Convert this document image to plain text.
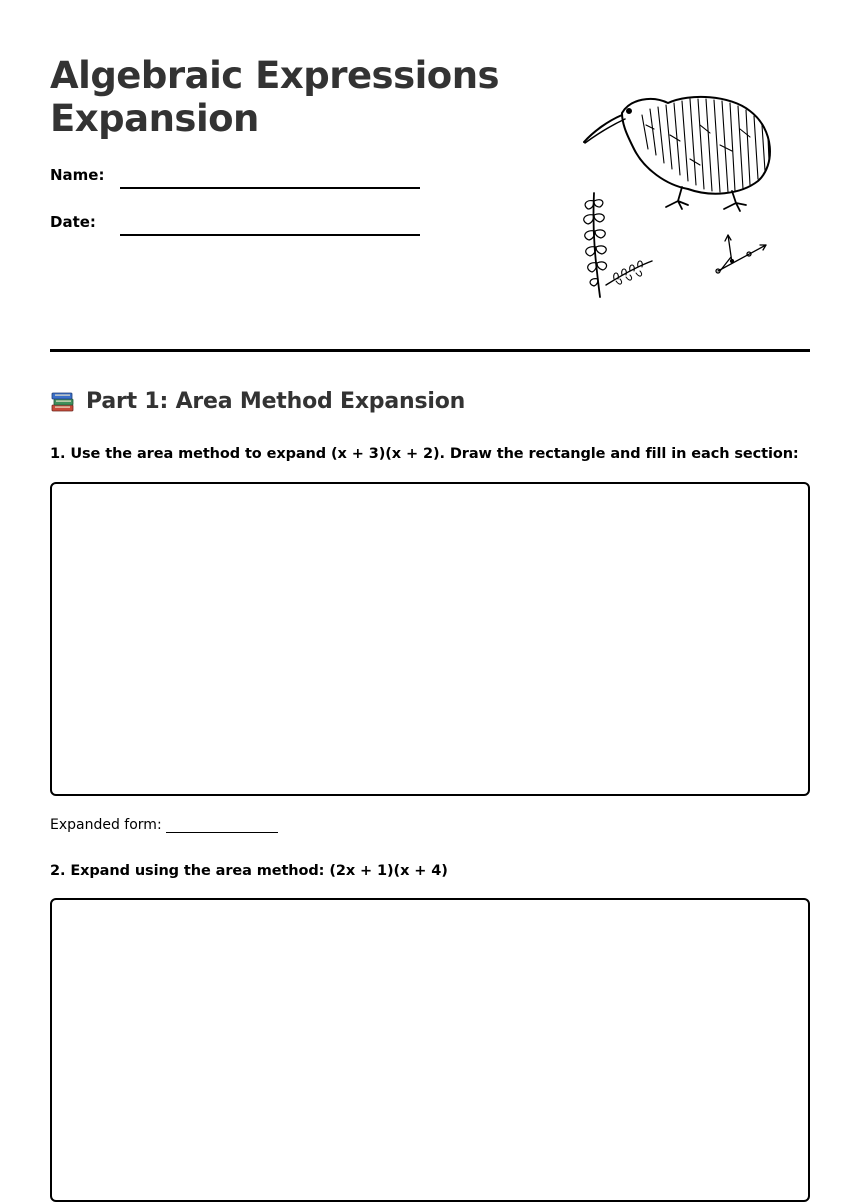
Algebraic Expressions
Expansion
Name:
Date:
Part 1: Area Method Expansion
1. Use the area method to expand (x + 3)(x + 2). Draw the rectangle and fill in each section:
Expanded form:
2. Expand using the area method: (2x + 1)(x + 4)
